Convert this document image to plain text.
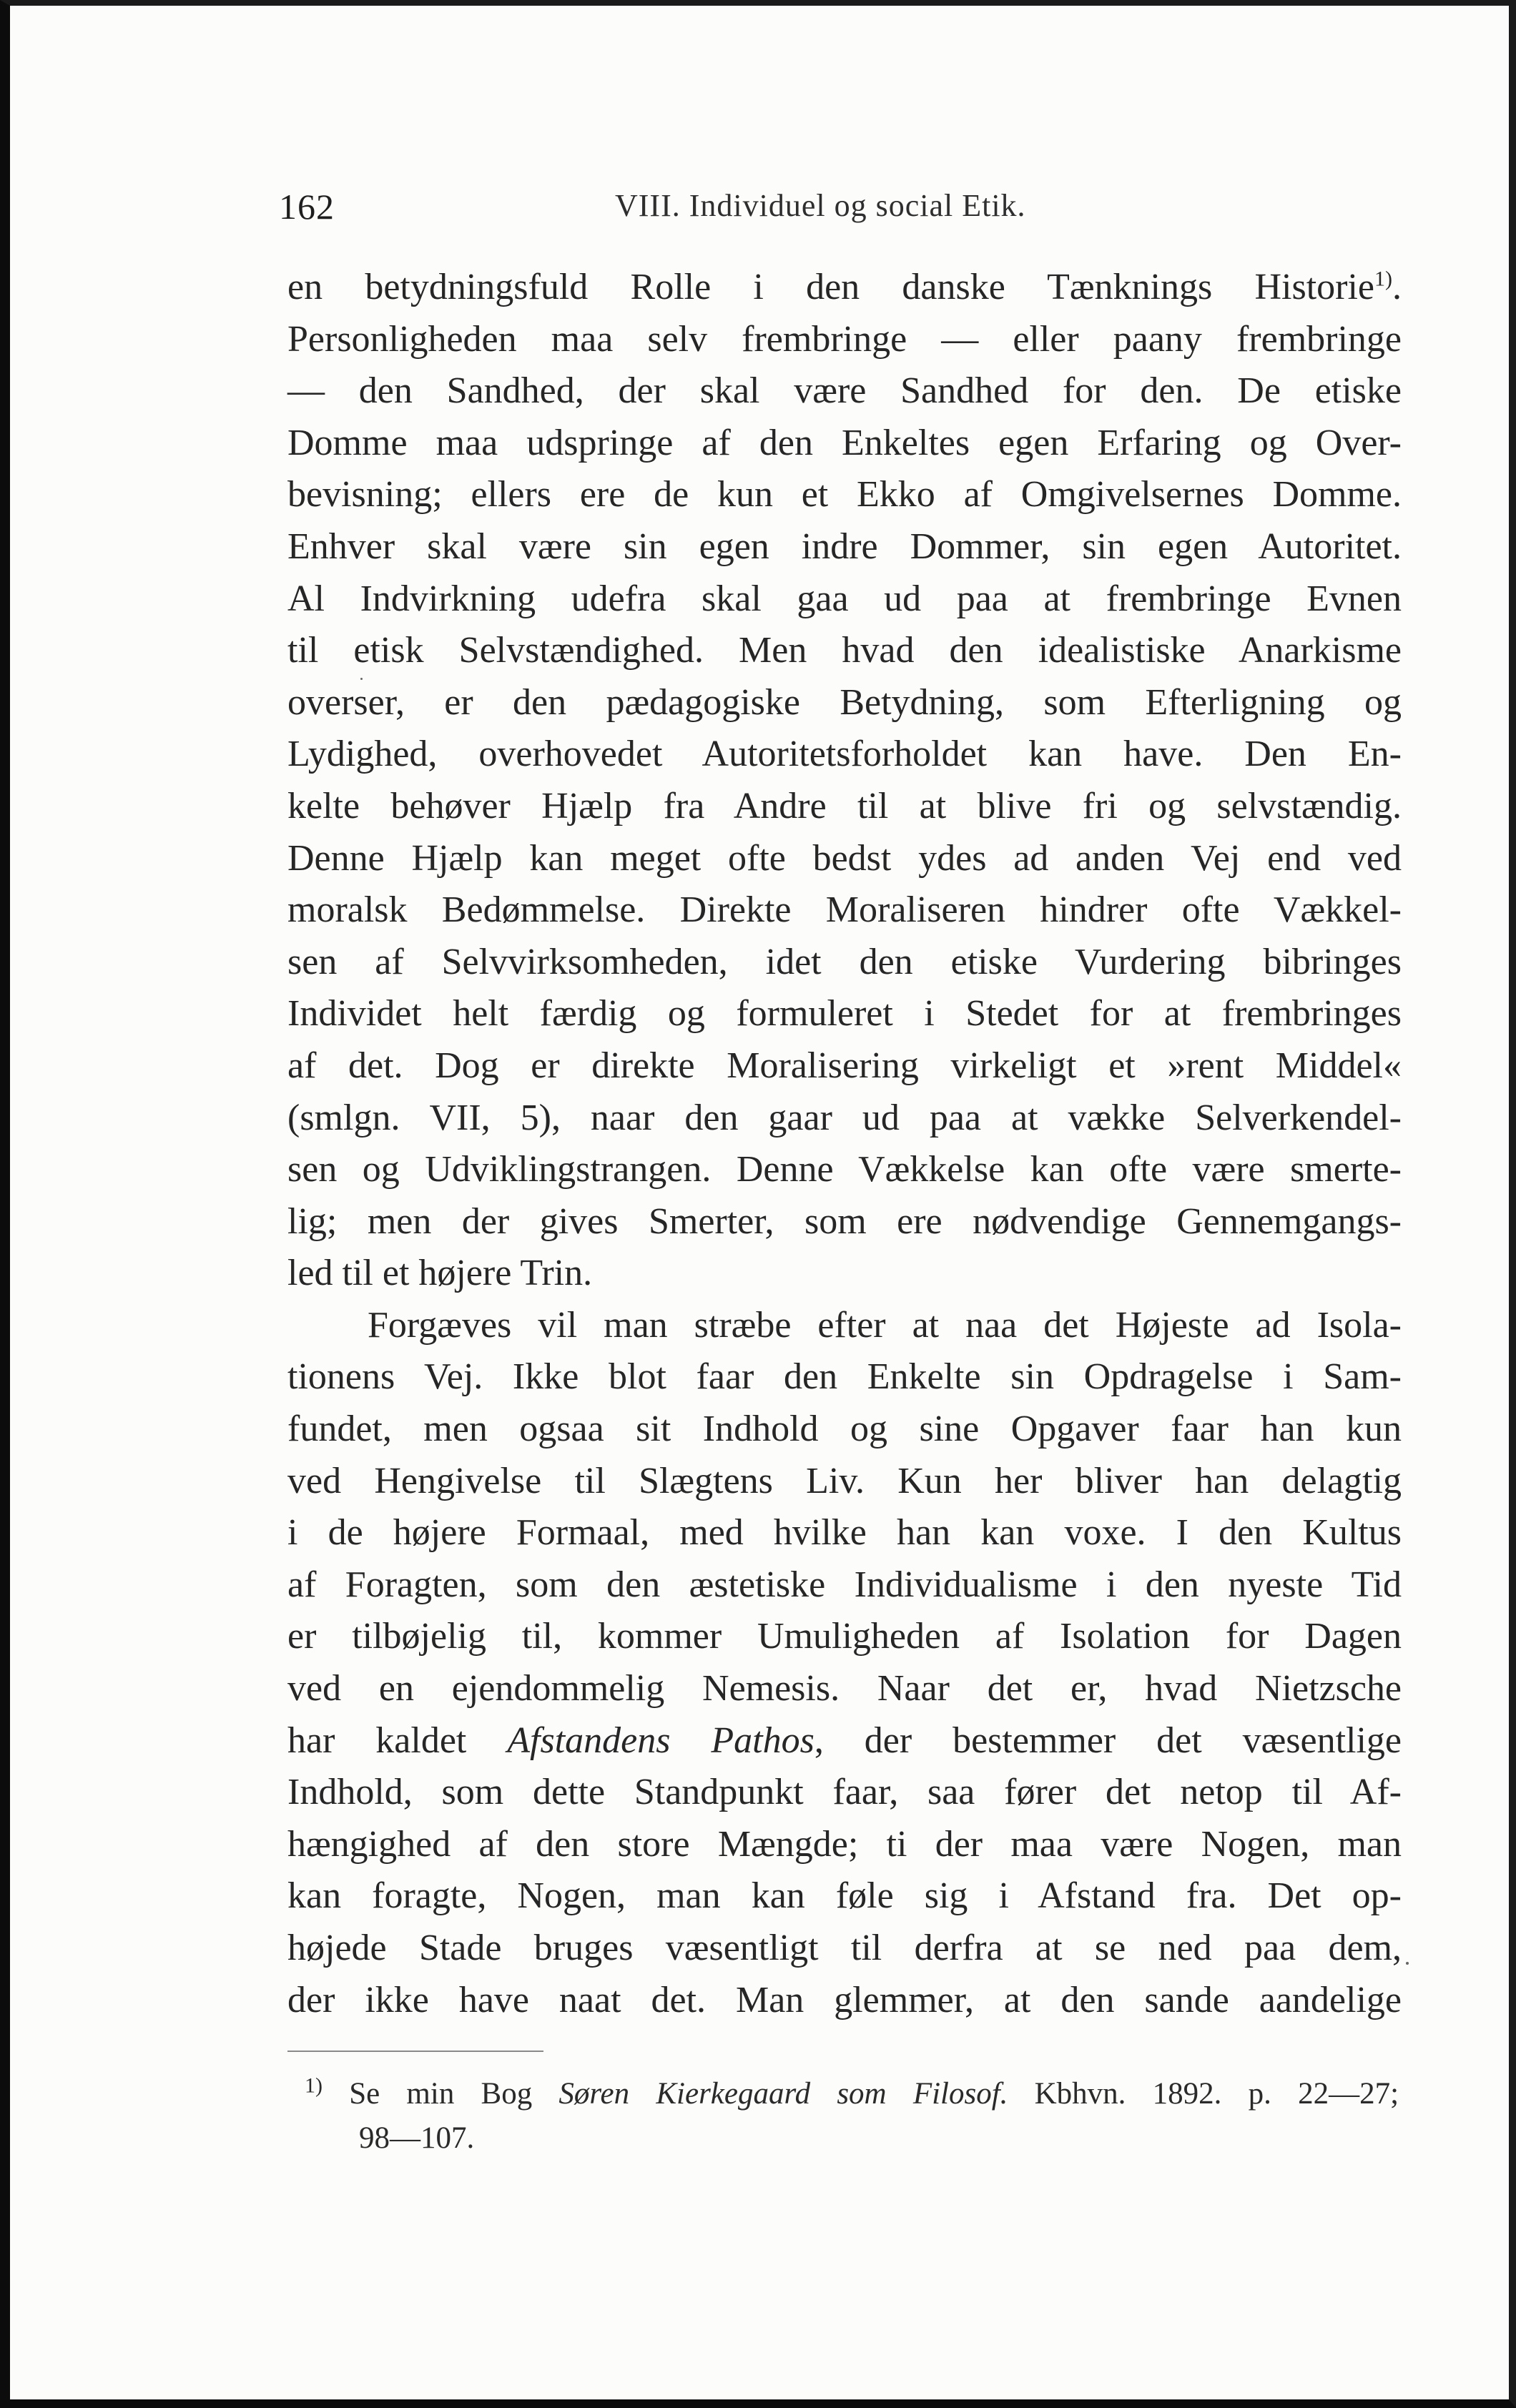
162	VIII. Individuel og social Etik.
en betydningsfuld Rolle i den danske Tænknings Historie$^{1)}$.
Personligheden maa selv frembringe — eller paany frembringe
— den Sandhed, der skal være Sandhed for den. De etiske
Domme maa udspringe af den Enkeltes egen Erfaring og Over-
bevisning; ellers ere de kun et Ekko af Omgivelsernes Domme.
Enhver skal være sin egen indre Dommer, sin egen Autoritet.
Al Indvirkning udefra skal gaa ud paa at frembringe Evnen
til etisk Selvstændighed. Men hvad den idealistiske Anarkisme
overser, er den pædagogiske Betydning, som Efterligning og
Lydighed, overhovedet Autoritetsforholdet kan have. Den En-
kelte behøver Hjælp fra Andre til at blive fri og selvstændig.
Denne Hjælp kan meget ofte bedst ydes ad anden Vej end ved
moralsk Bedømmelse. Direkte Moraliseren hindrer ofte Vækkel-
sen af Selvvirksomheden, idet den etiske Vurdering bibringes
Individet helt færdig og formuleret i Stedet for at frembringes
af det. Dog er direkte Moralisering virkeligt et »rent Middel«
(smlgn. VII, 5), naar den gaar ud paa at vække Selverkendel-
sen og Udviklingstrangen. Denne Vækkelse kan ofte være smerte-
lig; men der gives Smerter, som ere nødvendige Gennemgangs-
led til et højere Trin.
Forgæves vil man stræbe efter at naa det Højeste ad Isola-
tionens Vej. Ikke blot faar den Enkelte sin Opdragelse i Sam-
fundet, men ogsaa sit Indhold og sine Opgaver faar han kun
ved Hengivelse til Slægtens Liv. Kun her bliver han delagtig
i de højere Formaal, med hvilke han kan voxe. I den Kultus
af Foragten, som den æstetiske Individualisme i den nyeste Tid
er tilbøjelig til, kommer Umuligheden af Isolation for Dagen
ved en ejendommelig Nemesis. Naar det er, hvad Nietzsche
har kaldet Afstandens Pathos, der bestemmer det væsentlige
Indhold, som dette Standpunkt faar, saa fører det netop til Af-
hængighed af den store Mængde; ti der maa være Nogen, man
kan foragte, Nogen, man kan føle sig i Afstand fra. Det op-
højede Stade bruges væsentligt til derfra at se ned paa dem,
der ikke have naat det. Man glemmer, at den sande aandelige
$^{1)}$ Se min Bog Søren Kierkegaard som Filosof. Kbhvn. 1892. p. 22—27;
98—107.
